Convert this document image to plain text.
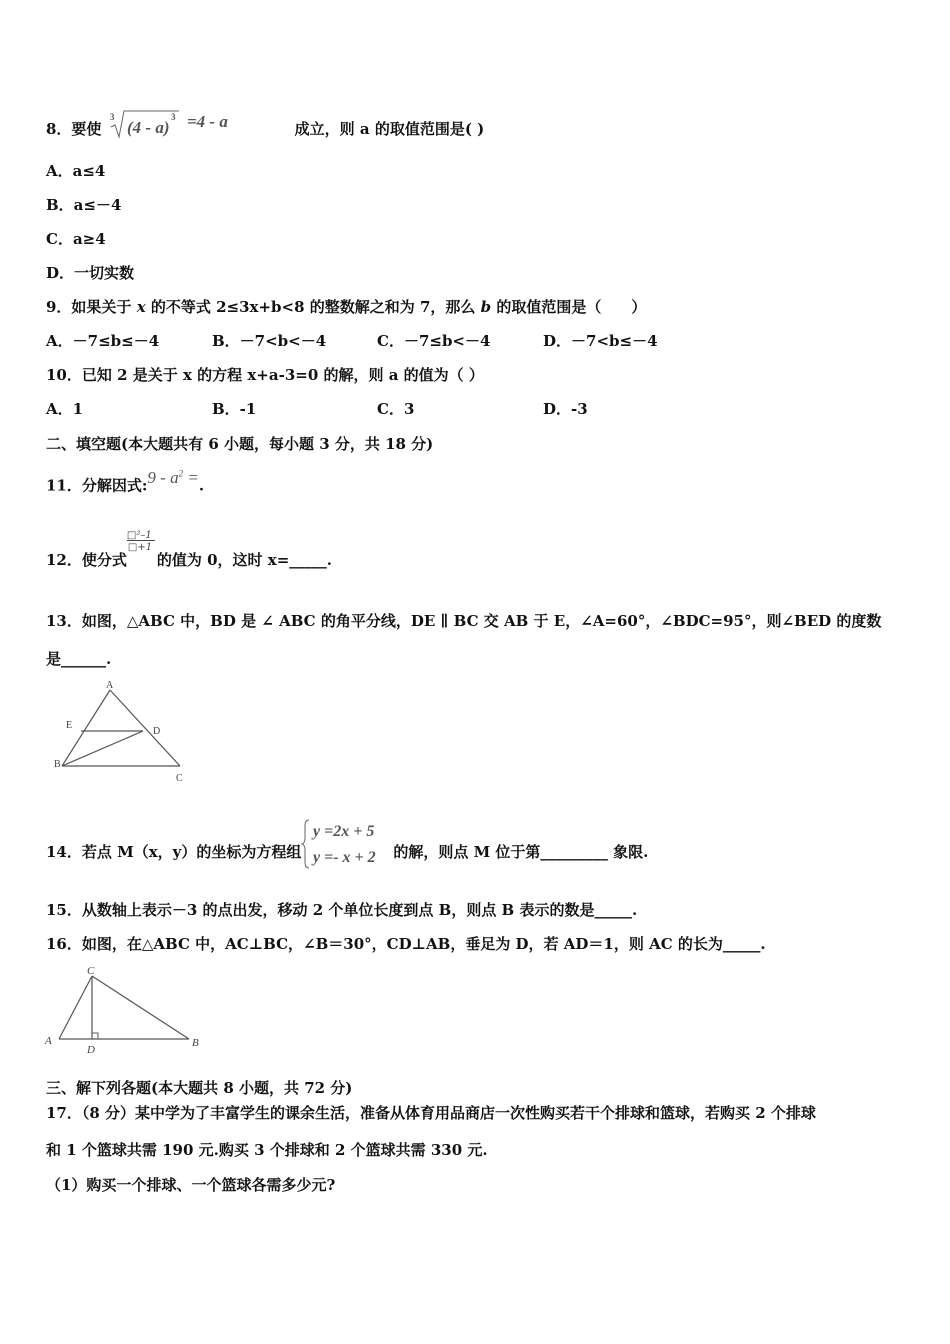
8．要使
3
(4 - a)
3 =4 - a	成立，则 a 的取值范围是( )
A．a≤4
B．a≤－4
C．a≥4
D．一切实数
9．如果关于 x 的不等式 2≤3x+b<8 的整数解之和为 7，那么 b 的取值范围是（　　）
A．－7≤b≤－4	B．－7<b<－4	C．－7≤b<－4	D．－7<b≤－4
10．已知 2 是关于 x 的方程 x+a-3=0 的解，则 a 的值为（ ）
A．1	B．-1	C．3	D．-3
二、填空题(本大题共有 6 小题，每小题 3 分，共 18 分)
11．分解因式:9 - $a^2$ =.
12．使分式
□²–1
□+1
的值为 0，这时 x=_____.
13．如图，△ABC 中，BD 是 ∠ ABC 的角平分线，DE ∥ BC 交 AB 于 E，∠A=60°，∠BDC=95°，则∠BED 的度数
是______.
A
E
D
B
C
14．若点 M（x，y）的坐标为方程组
y =2x + 5
y =- x + 2 的解，则点 M 位于第_________ 象限.
15．从数轴上表示－3 的点出发，移动 2 个单位长度到点 B，则点 B 表示的数是_____.
16．如图，在△ABC 中，AC⊥BC，∠B＝30°，CD⊥AB，垂足为 D，若 AD＝1，则 AC 的长为_____.
C
A
D
B
三、解下列各题(本大题共 8 小题，共 72 分)
17．（8 分）某中学为了丰富学生的课余生活，准备从体育用品商店一次性购买若干个排球和篮球，若购买 2 个排球
和 1 个篮球共需 190 元.购买 3 个排球和 2 个篮球共需 330 元.
（1）购买一个排球、一个篮球各需多少元?
